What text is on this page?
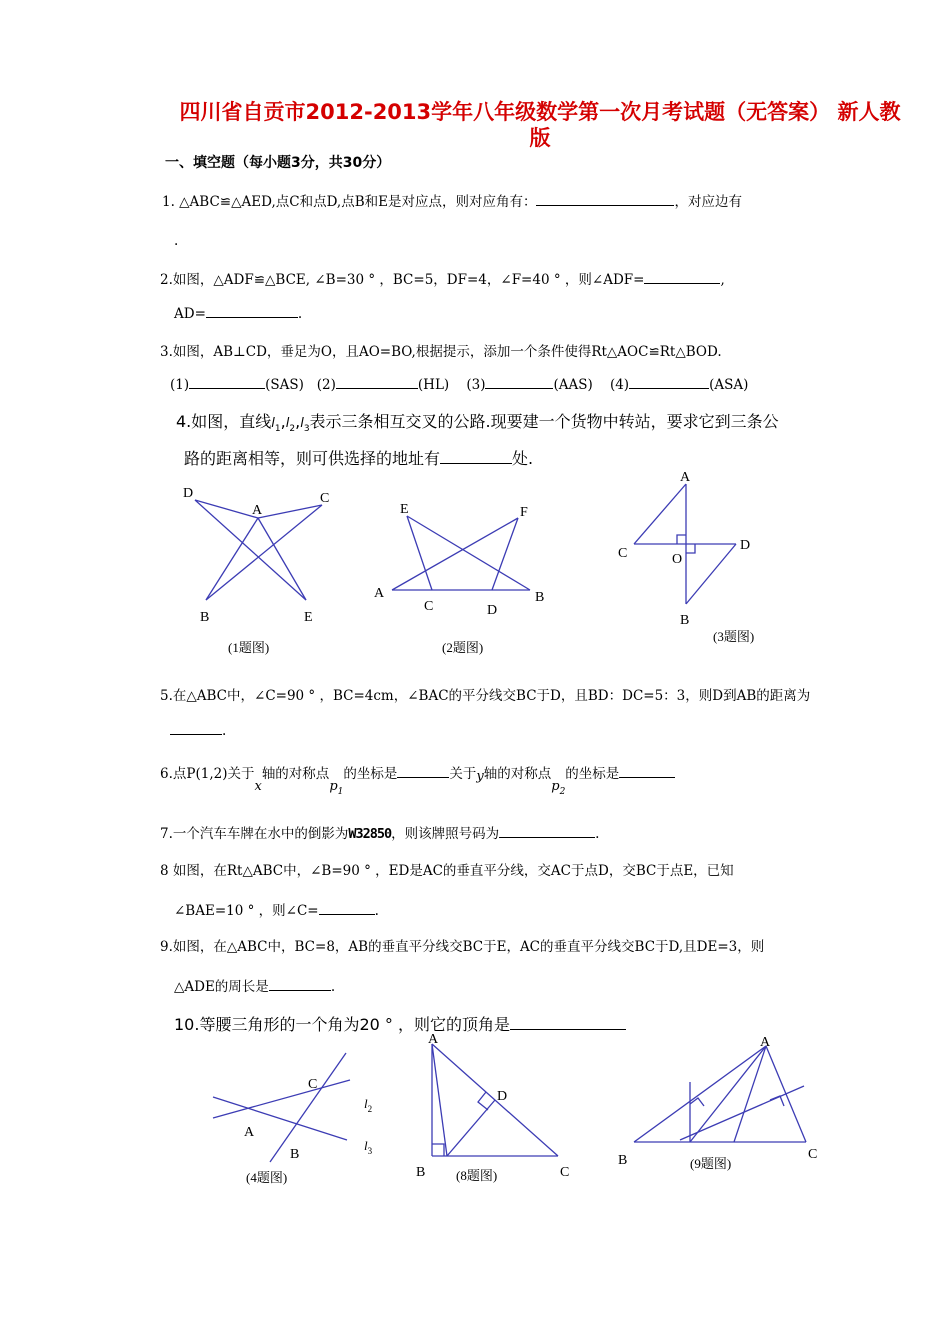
四川省自贡市2012-2013学年八年级数学第一次月考试题（无答案） 新人教版
一、填空题（每小题3分，共30分）
1. △ABC≌△AED,点C和点D,点B和E是对应点，则对应角有：	，对应边有
.
2.如图，△ADF≌△BCE, ∠B=30 ° ，BC=5，DF=4，∠F=40 ° ，则∠ADF=	,
AD=	.
3.如图，AB⊥CD，垂足为O，且AO=BO,根据提示，添加一个条件使得Rt△AOC≌Rt△BOD.
(1)	(SAS) (2)	(HL) (3)	(AAS) (4)	(ASA)
4.如图，直线$l_1,l_2,l_3$表示三条相互交叉的公路.现要建一个货物中转站，要求它到三条公
路的距离相等，则可供选择的地址有	处.
5.在△ABC中，∠C=90 ° ，BC=4cm，∠BAC的平分线交BC于D，且BD：DC=5：3，则D到AB的距离为
.
6.点P(1,2)关于x轴的对称点$p_1$的坐标是	关于y轴的对称点$p_2$的坐标是
7.一个汽车车牌在水中的倒影为W32850，则该牌照号码为	.
8 如图，在Rt△ABC中，∠B=90 ° ，ED是AC的垂直平分线，交AC于点D，交BC于点E，已知
∠BAE=10 ° ，则∠C=	.
9.如图，在△ABC中，BC=8，AB的垂直平分线交BC于E，AC的垂直平分线交BC于D,且DE=3，则
△ADE的周长是	.
10.等腰三角形的一个角为20 ° ，则它的顶角是
D
A
C
B	E
(1题图)
E	F
A
C	D
B
(2题图)
A
C	O
D
B
(3题图)
C
A
B
$l_2$
$l_3$
(4题图)
A
D
B	C
(8题图)
A
B	C
(9题图)
